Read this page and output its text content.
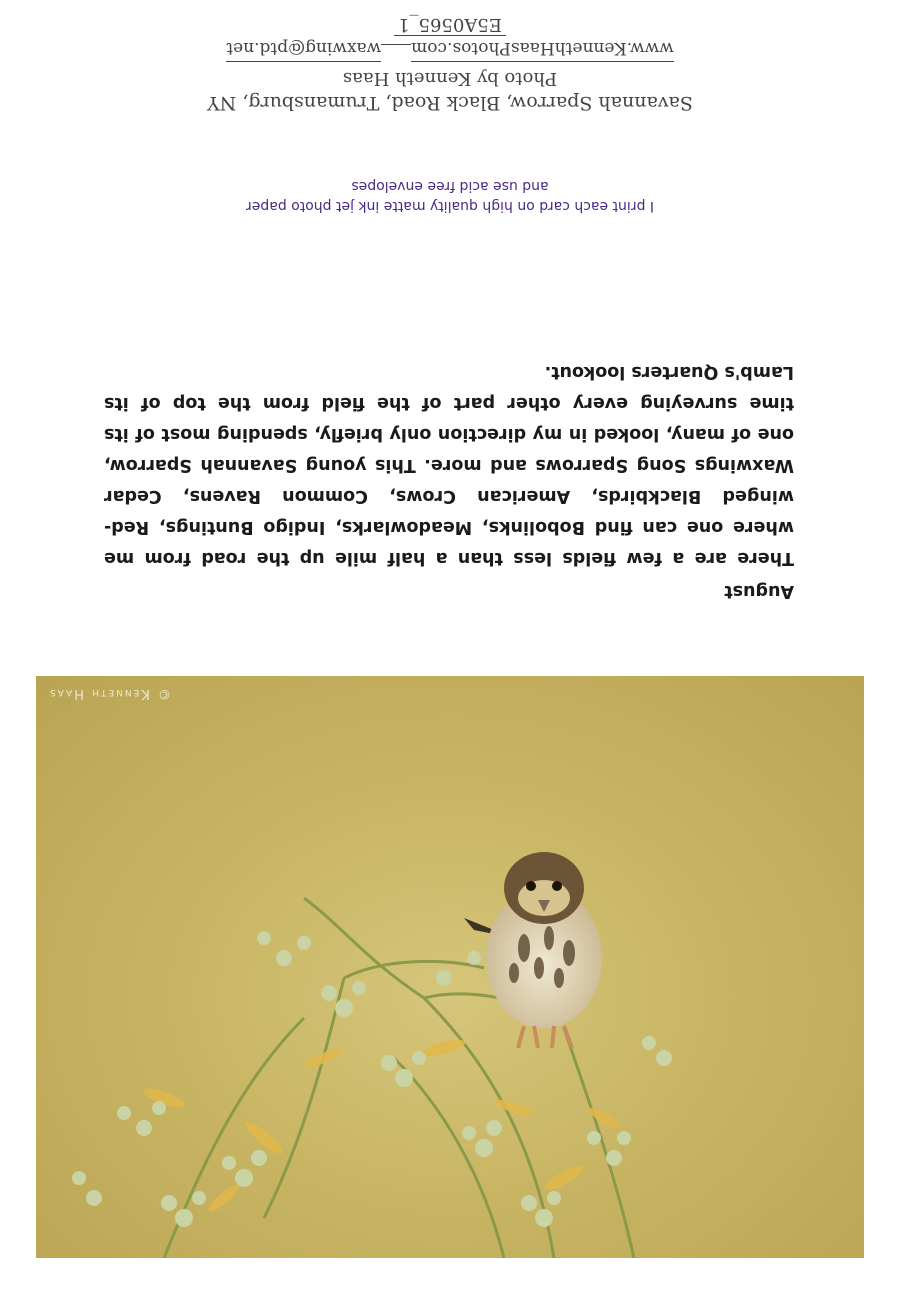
Savannah Sparrow, Black Road, Trumansburg, NY
Photo by Kenneth Haas
www.KennethHaasPhotos.comwaxwing@ptd.net
E5A0565_1
I print each card on high quality matte ink jet photo paper
and use acid free envelopes
August
There are a few fields less than a half mile up the road from me where one can find Bobolinks, Meadowlarks, Indigo Buntings, Red-winged Blackbirds, American Crows, Common Ravens, Cedar Waxwings Song Sparrows and more. This young Savannah Sparrow, one of many, looked in my direction only briefly, spending most of its time surveying every other part of the field from the top of its Lamb's Quarters lookout.
© Kenneth Haas
